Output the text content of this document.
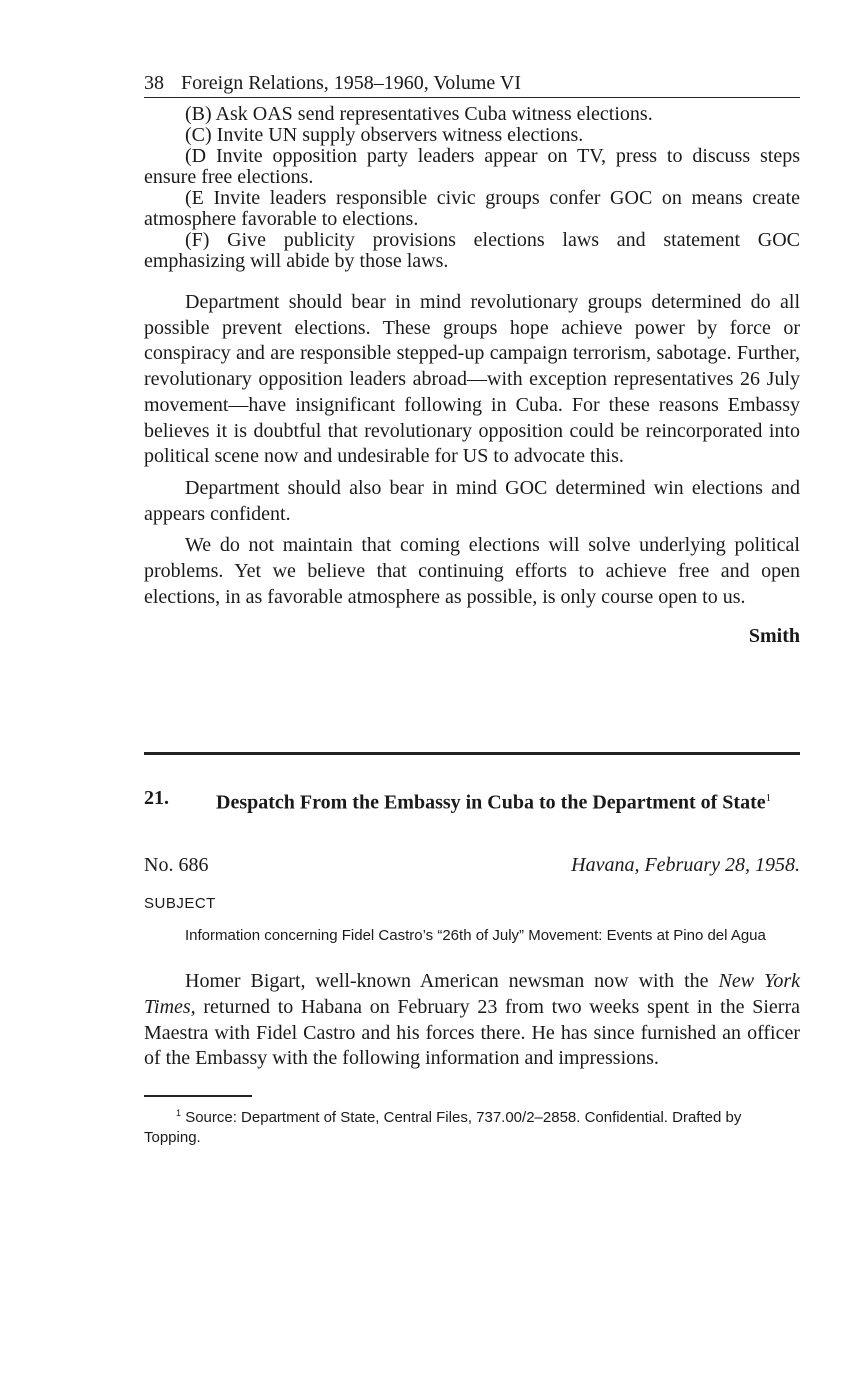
38 Foreign Relations, 1958–1960, Volume VI

(B) Ask OAS send representatives Cuba witness elections.

(C) Invite UN supply observers witness elections.

(D Invite opposition party leaders appear on TV, press to discuss steps ensure free elections.

(E Invite leaders responsible civic groups confer GOC on means create atmosphere favorable to elections.

(F) Give publicity provisions elections laws and statement GOC emphasizing will abide by those laws.

Department should bear in mind revolutionary groups determined do all possible prevent elections. These groups hope achieve power by force or conspiracy and are responsible stepped-up campaign terrorism, sabotage. Further, revolutionary opposition leaders abroad—with exception representatives 26 July movement—have insignificant following in Cuba. For these reasons Embassy believes it is doubtful that revolutionary opposition could be reincorporated into political scene now and undesirable for US to advocate this.

Department should also bear in mind GOC determined win elections and appears confident.

We do not maintain that coming elections will solve underlying political problems. Yet we believe that continuing efforts to achieve free and open elections, in as favorable atmosphere as possible, is only course open to us.

Smith
21.	Despatch From the Embassy in Cuba to the Department of State$^1$
No. 686	Havana, February 28, 1958.
SUBJECT
Information concerning Fidel Castro’s “26th of July” Movement: Events at Pino del Agua

Homer Bigart, well-known American newsman now with the New York Times, returned to Habana on February 23 from two weeks spent in the Sierra Maestra with Fidel Castro and his forces there. He has since furnished an officer of the Embassy with the following information and impressions.

$^1$ Source: Department of State, Central Files, 737.00/2–2858. Confidential. Drafted by Topping.
